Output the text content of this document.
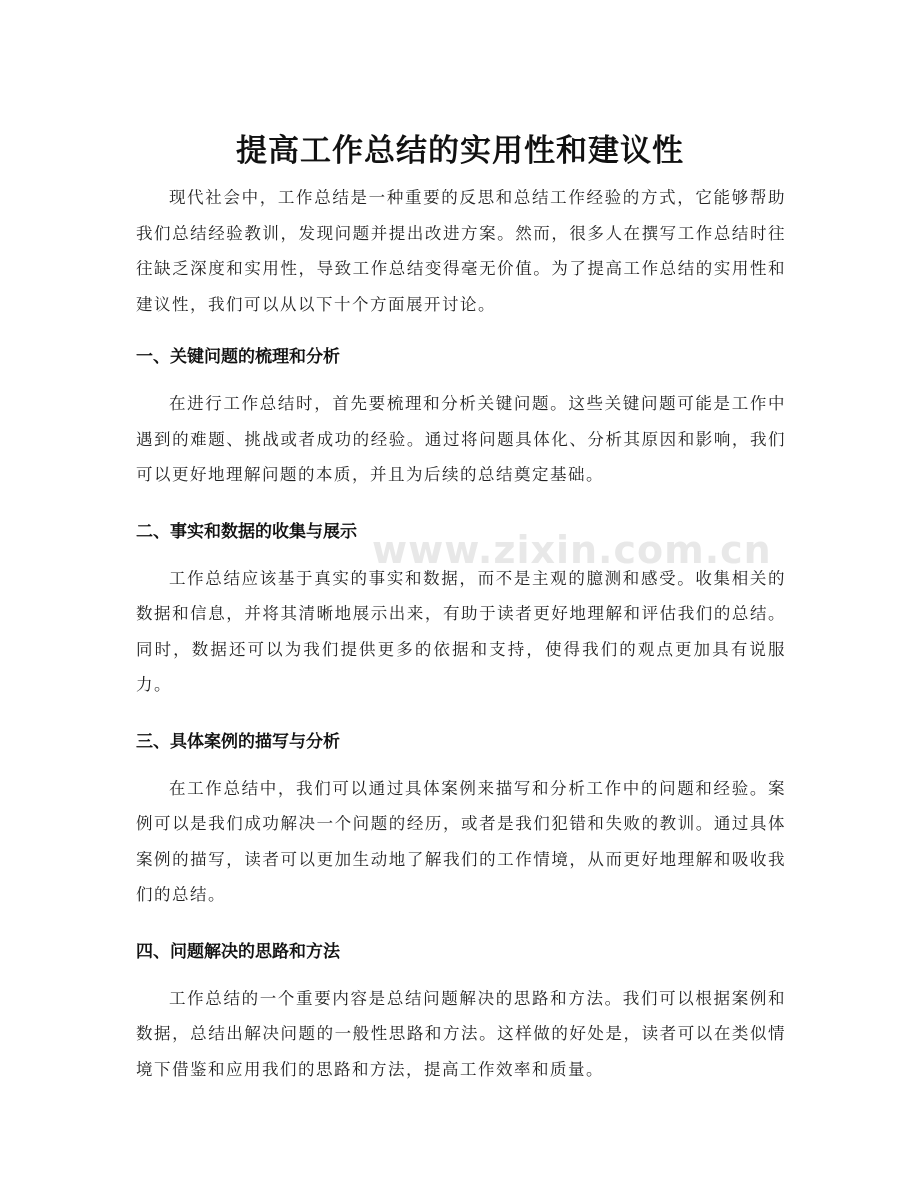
www.zixin.com.cn
提高工作总结的实用性和建议性

现代社会中，工作总结是一种重要的反思和总结工作经验的方式，它能够帮助我们总结经验教训，发现问题并提出改进方案。然而，很多人在撰写工作总结时往往缺乏深度和实用性，导致工作总结变得毫无价值。为了提高工作总结的实用性和建议性，我们可以从以下十个方面展开讨论。

一、关键问题的梳理和分析

在进行工作总结时，首先要梳理和分析关键问题。这些关键问题可能是工作中遇到的难题、挑战或者成功的经验。通过将问题具体化、分析其原因和影响，我们可以更好地理解问题的本质，并且为后续的总结奠定基础。

二、事实和数据的收集与展示

工作总结应该基于真实的事实和数据，而不是主观的臆测和感受。收集相关的数据和信息，并将其清晰地展示出来，有助于读者更好地理解和评估我们的总结。同时，数据还可以为我们提供更多的依据和支持，使得我们的观点更加具有说服力。

三、具体案例的描写与分析

在工作总结中，我们可以通过具体案例来描写和分析工作中的问题和经验。案例可以是我们成功解决一个问题的经历，或者是我们犯错和失败的教训。通过具体案例的描写，读者可以更加生动地了解我们的工作情境，从而更好地理解和吸收我们的总结。

四、问题解决的思路和方法

工作总结的一个重要内容是总结问题解决的思路和方法。我们可以根据案例和数据，总结出解决问题的一般性思路和方法。这样做的好处是，读者可以在类似情境下借鉴和应用我们的思路和方法，提高工作效率和质量。
